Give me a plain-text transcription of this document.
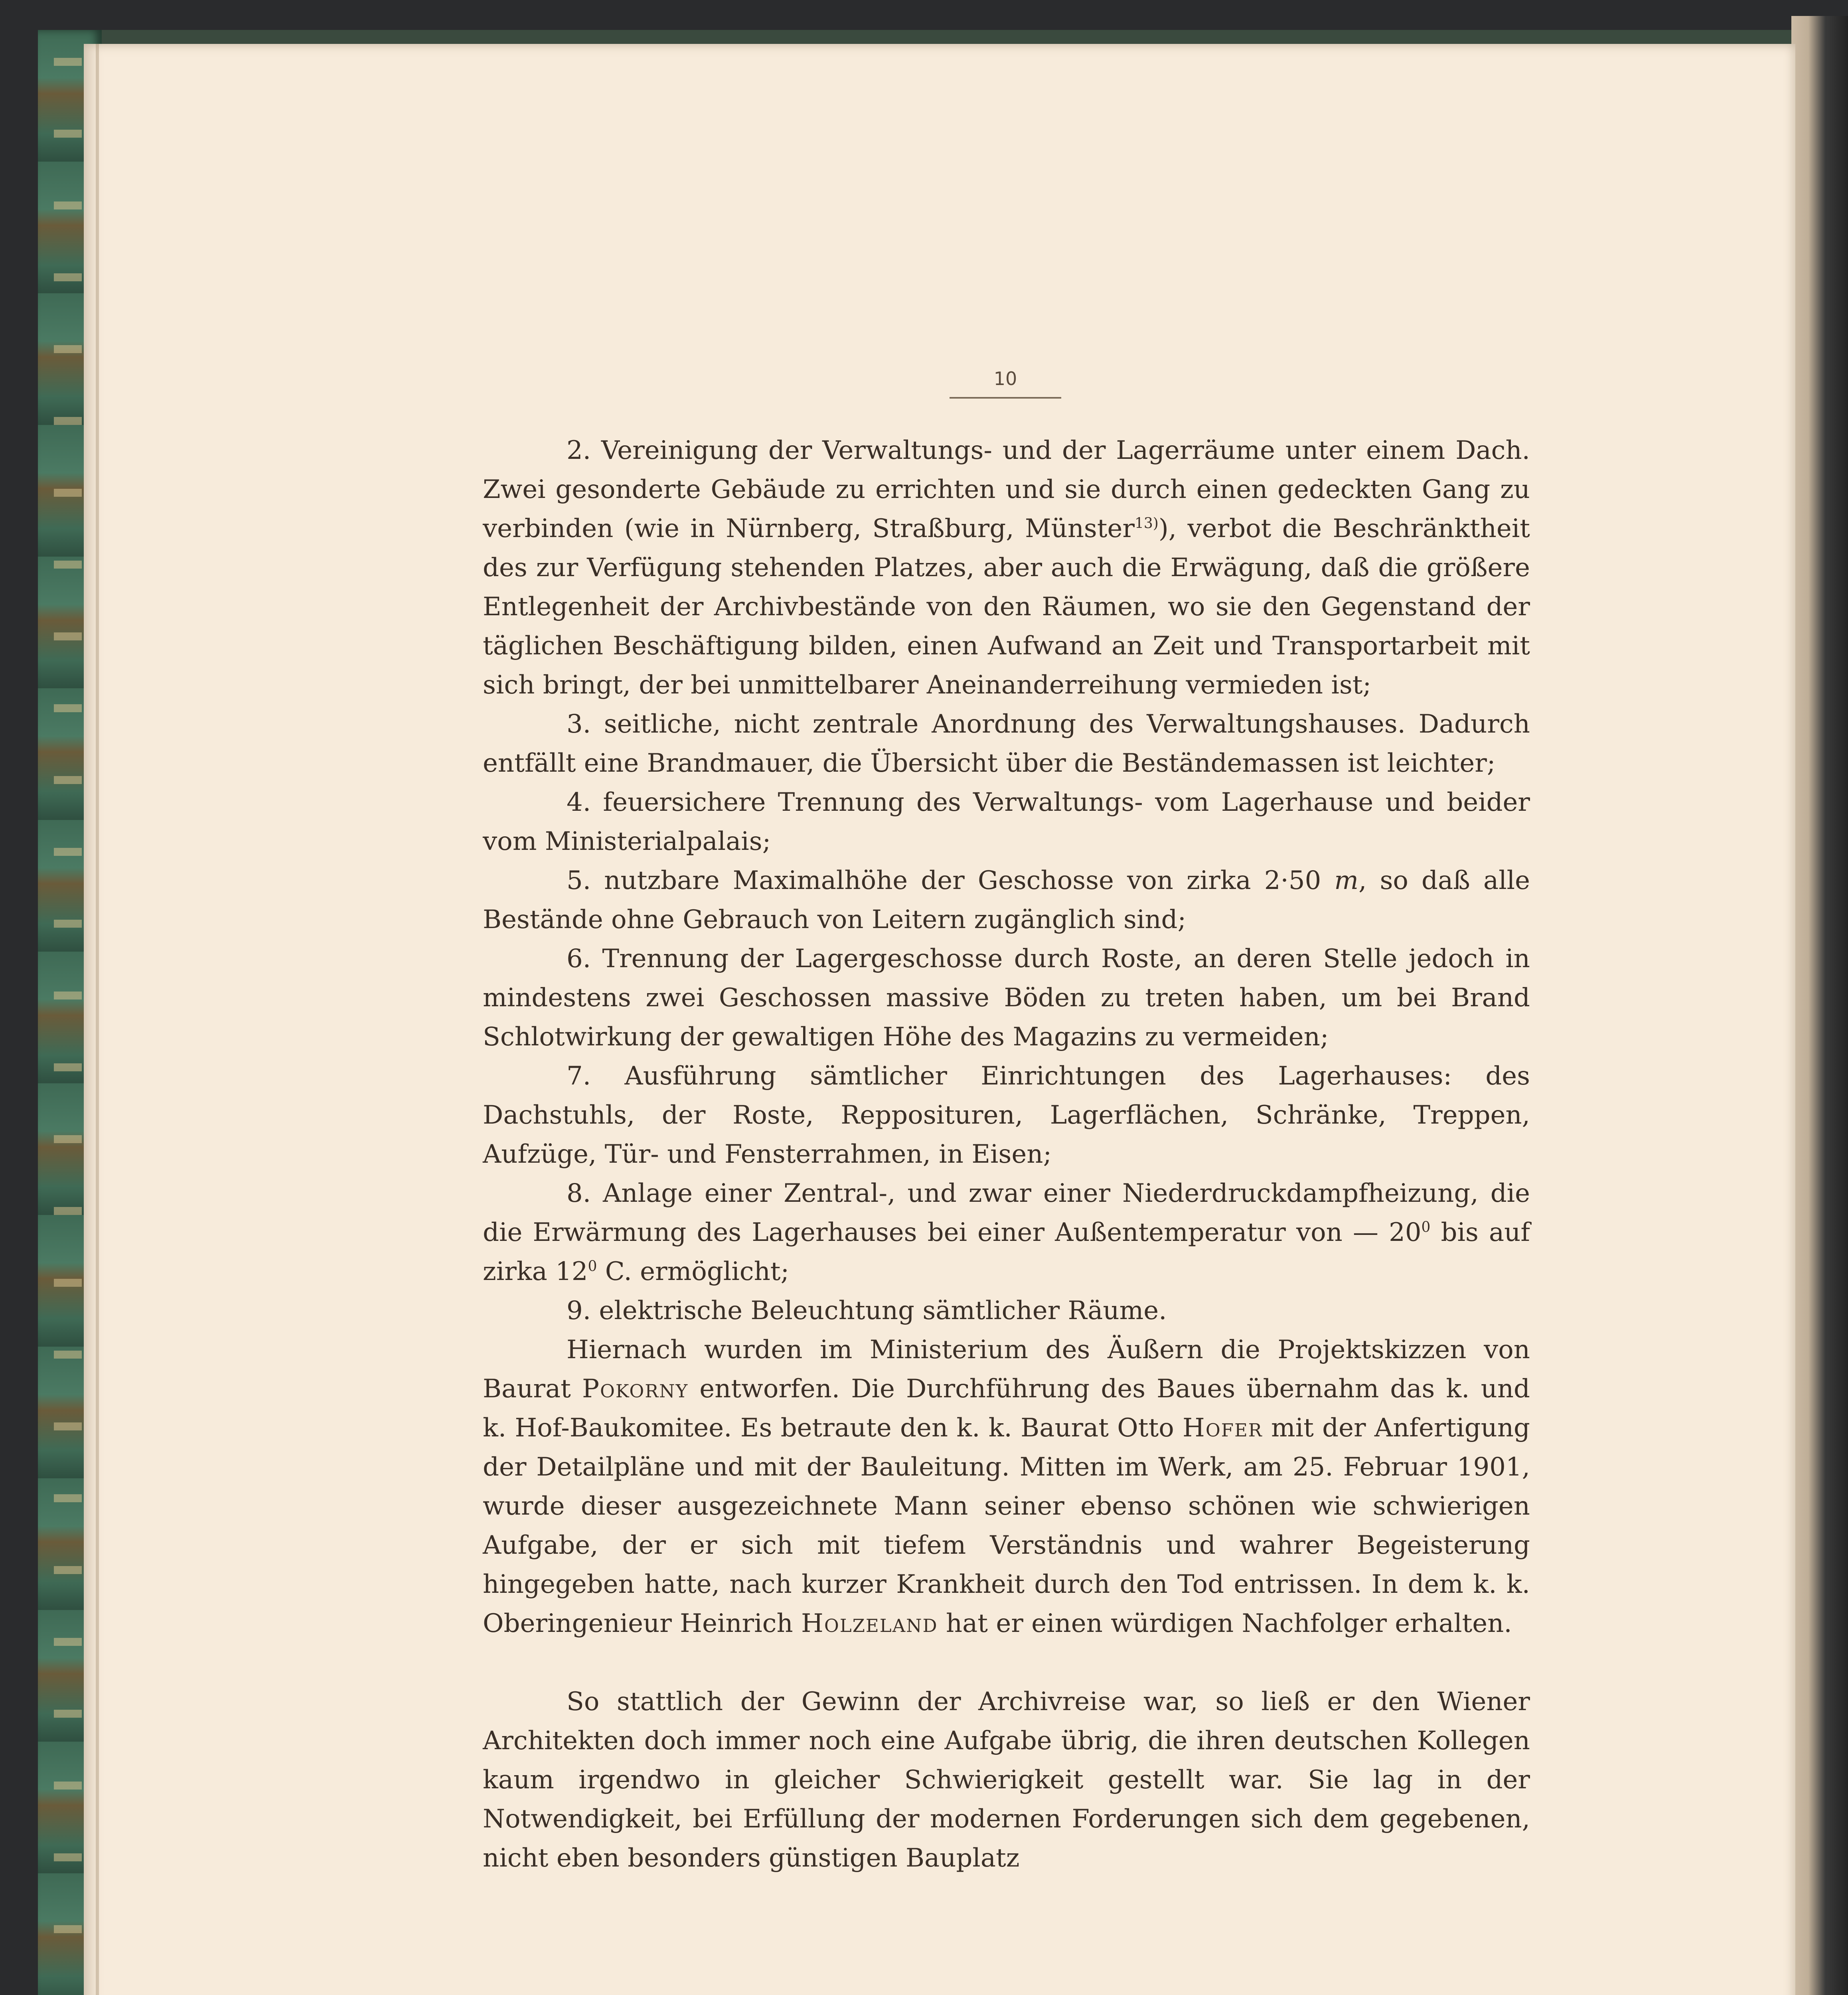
10

2. Vereinigung der Verwaltungs- und der Lagerräume unter einem Dach. Zwei gesonderte Gebäude zu errichten und sie durch einen gedeckten Gang zu verbinden (wie in Nürnberg, Straßburg, Münster$^{13)}$), verbot die Beschränktheit des zur Verfügung stehenden Platzes, aber auch die Erwägung, daß die größere Entlegenheit der Archivbestände von den Räumen, wo sie den Gegenstand der täglichen Beschäftigung bilden, einen Aufwand an Zeit und Transportarbeit mit sich bringt, der bei unmittelbarer Aneinanderreihung vermieden ist;

3. seitliche, nicht zentrale Anordnung des Verwaltungshauses. Dadurch entfällt eine Brandmauer, die Übersicht über die Beständemassen ist leichter;

4. feuersichere Trennung des Verwaltungs- vom Lagerhause und beider vom Ministerialpalais;

5. nutzbare Maximalhöhe der Geschosse von zirka 2·50 m, so daß alle Bestände ohne Gebrauch von Leitern zugänglich sind;

6. Trennung der Lagergeschosse durch Roste, an deren Stelle jedoch in mindestens zwei Geschossen massive Böden zu treten haben, um bei Brand Schlotwirkung der gewaltigen Höhe des Magazins zu vermeiden;

7. Ausführung sämtlicher Einrichtungen des Lagerhauses: des Dachstuhls, der Roste, Repposituren, Lagerflächen, Schränke, Treppen, Aufzüge, Tür- und Fensterrahmen, in Eisen;

8. Anlage einer Zentral-, und zwar einer Niederdruckdampfheizung, die die Erwärmung des Lagerhauses bei einer Außentemperatur von — $20^0$ bis auf zirka $12^0$ C. ermöglicht;

9. elektrische Beleuchtung sämtlicher Räume.

Hiernach wurden im Ministerium des Äußern die Projektskizzen von Baurat Pokorny entworfen. Die Durchführung des Baues übernahm das k. und k. Hof-Baukomitee. Es betraute den k. k. Baurat Otto Hofer mit der Anfertigung der Detailpläne und mit der Bauleitung. Mitten im Werk, am 25. Februar 1901, wurde dieser ausgezeichnete Mann seiner ebenso schönen wie schwierigen Aufgabe, der er sich mit tiefem Verständnis und wahrer Begeisterung hingegeben hatte, nach kurzer Krankheit durch den Tod entrissen. In dem k. k. Oberingenieur Heinrich Holzeland hat er einen würdigen Nachfolger erhalten.

So stattlich der Gewinn der Archivreise war, so ließ er den Wiener Architekten doch immer noch eine Aufgabe übrig, die ihren deutschen Kollegen kaum irgendwo in gleicher Schwierigkeit gestellt war. Sie lag in der Notwendigkeit, bei Erfüllung der modernen Forderungen sich dem gegebenen, nicht eben besonders günstigen Bauplatz
